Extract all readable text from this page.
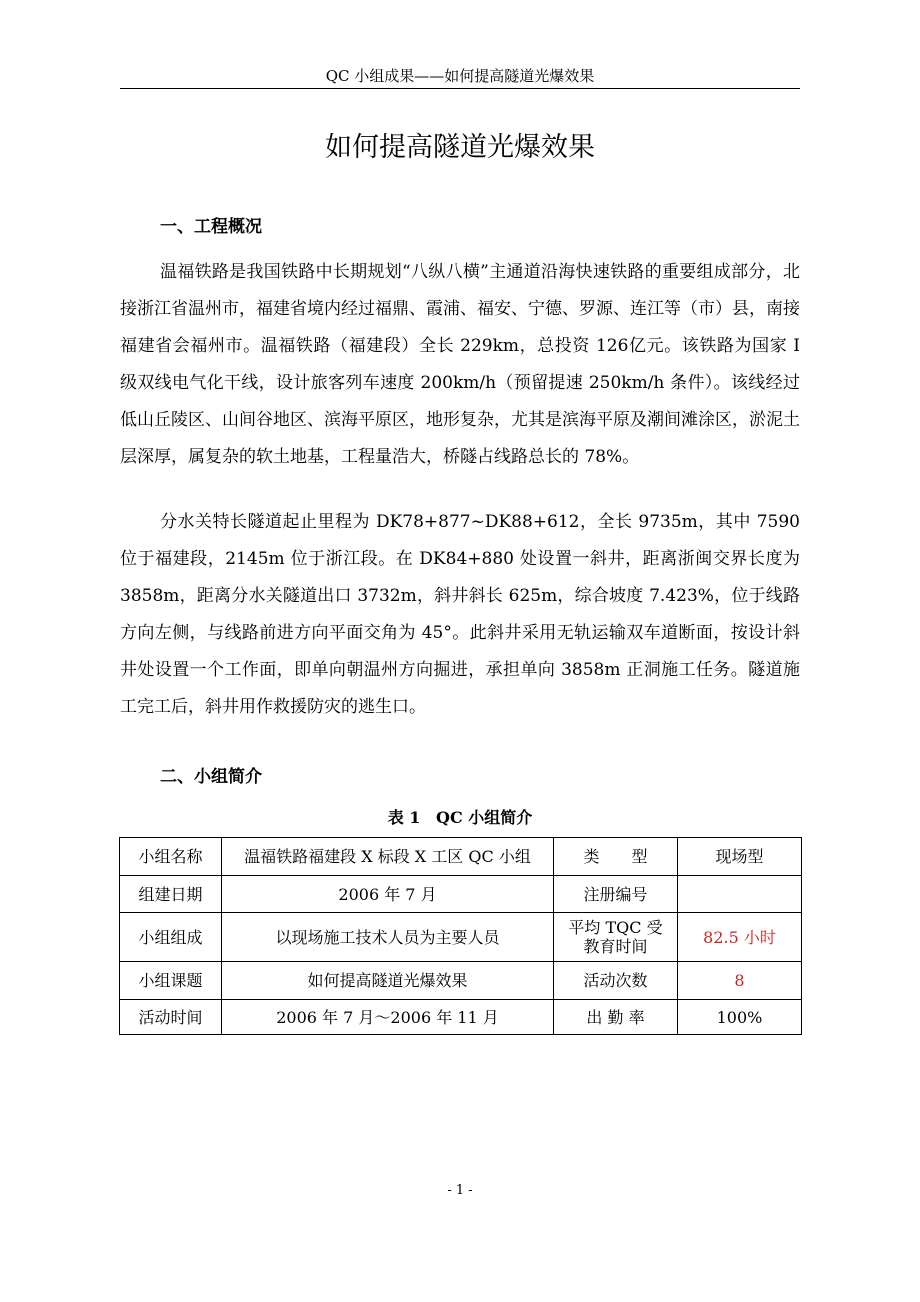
QC 小组成果——如何提高隧道光爆效果
如何提高隧道光爆效果
一、工程概况

温福铁路是我国铁路中长期规划“八纵八横”主通道沿海快速铁路的重要组成部分，北接浙江省温州市，福建省境内经过福鼎、霞浦、福安、宁德、罗源、连江等（市）县，南接福建省会福州市。温福铁路（福建段）全长 229km，总投资 126亿元。该铁路为国家 I 级双线电气化干线，设计旅客列车速度 200km/h（预留提速 250km/h 条件）。该线经过低山丘陵区、山间谷地区、滨海平原区，地形复杂，尤其是滨海平原及潮间滩涂区，淤泥土层深厚，属复杂的软土地基，工程量浩大，桥隧占线路总长的 78%。

分水关特长隧道起止里程为 DK78+877~DK88+612，全长 9735m，其中 7590 位于福建段，2145m 位于浙江段。在 DK84+880 处设置一斜井，距离浙闽交界长度为 3858m，距离分水关隧道出口 3732m，斜井斜长 625m，综合坡度 7.423%，位于线路方向左侧，与线路前进方向平面交角为 45°。此斜井采用无轨运输双车道断面，按设计斜井处设置一个工作面，即单向朝温州方向掘进，承担单向 3858m 正洞施工任务。隧道施工完工后，斜井用作救援防灾的逃生口。

二、小组简介
表 1 QC 小组简介
小组名称	温福铁路福建段 X 标段 X 工区 QC 小组	类　　型	现场型
组建日期	2006 年 7 月	注册编号	
小组组成	以现场施工技术人员为主要人员	平均 TQC 受教育时间	82.5 小时
小组课题	如何提高隧道光爆效果	活动次数	8
活动时间	2006 年 7 月～2006 年 11 月	出 勤 率	100%
- 1 -
